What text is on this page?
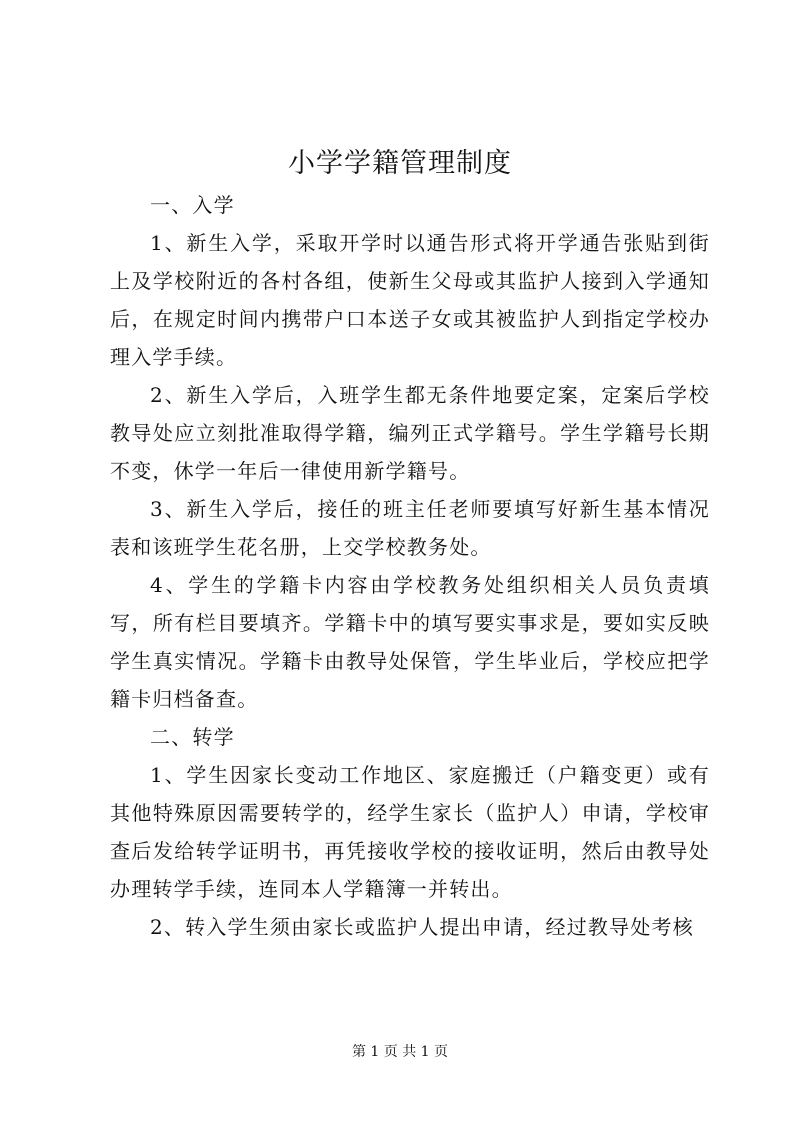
小学学籍管理制度

一、入学

1、新生入学，采取开学时以通告形式将开学通告张贴到街上及学校附近的各村各组，使新生父母或其监护人接到入学通知后，在规定时间内携带户口本送子女或其被监护人到指定学校办理入学手续。

2、新生入学后，入班学生都无条件地要定案，定案后学校教导处应立刻批准取得学籍，编列正式学籍号。学生学籍号长期不变，休学一年后一律使用新学籍号。

3、新生入学后，接任的班主任老师要填写好新生基本情况表和该班学生花名册，上交学校教务处。

4、学生的学籍卡内容由学校教务处组织相关人员负责填写，所有栏目要填齐。学籍卡中的填写要实事求是，要如实反映学生真实情况。学籍卡由教导处保管，学生毕业后，学校应把学籍卡归档备查。

二、转学

1、学生因家长变动工作地区、家庭搬迁（户籍变更）或有其他特殊原因需要转学的，经学生家长（监护人）申请，学校审查后发给转学证明书，再凭接收学校的接收证明，然后由教导处办理转学手续，连同本人学籍簿一并转出。

2、转入学生须由家长或监护人提出申请，经过教导处考核

第 1 页 共 1 页
